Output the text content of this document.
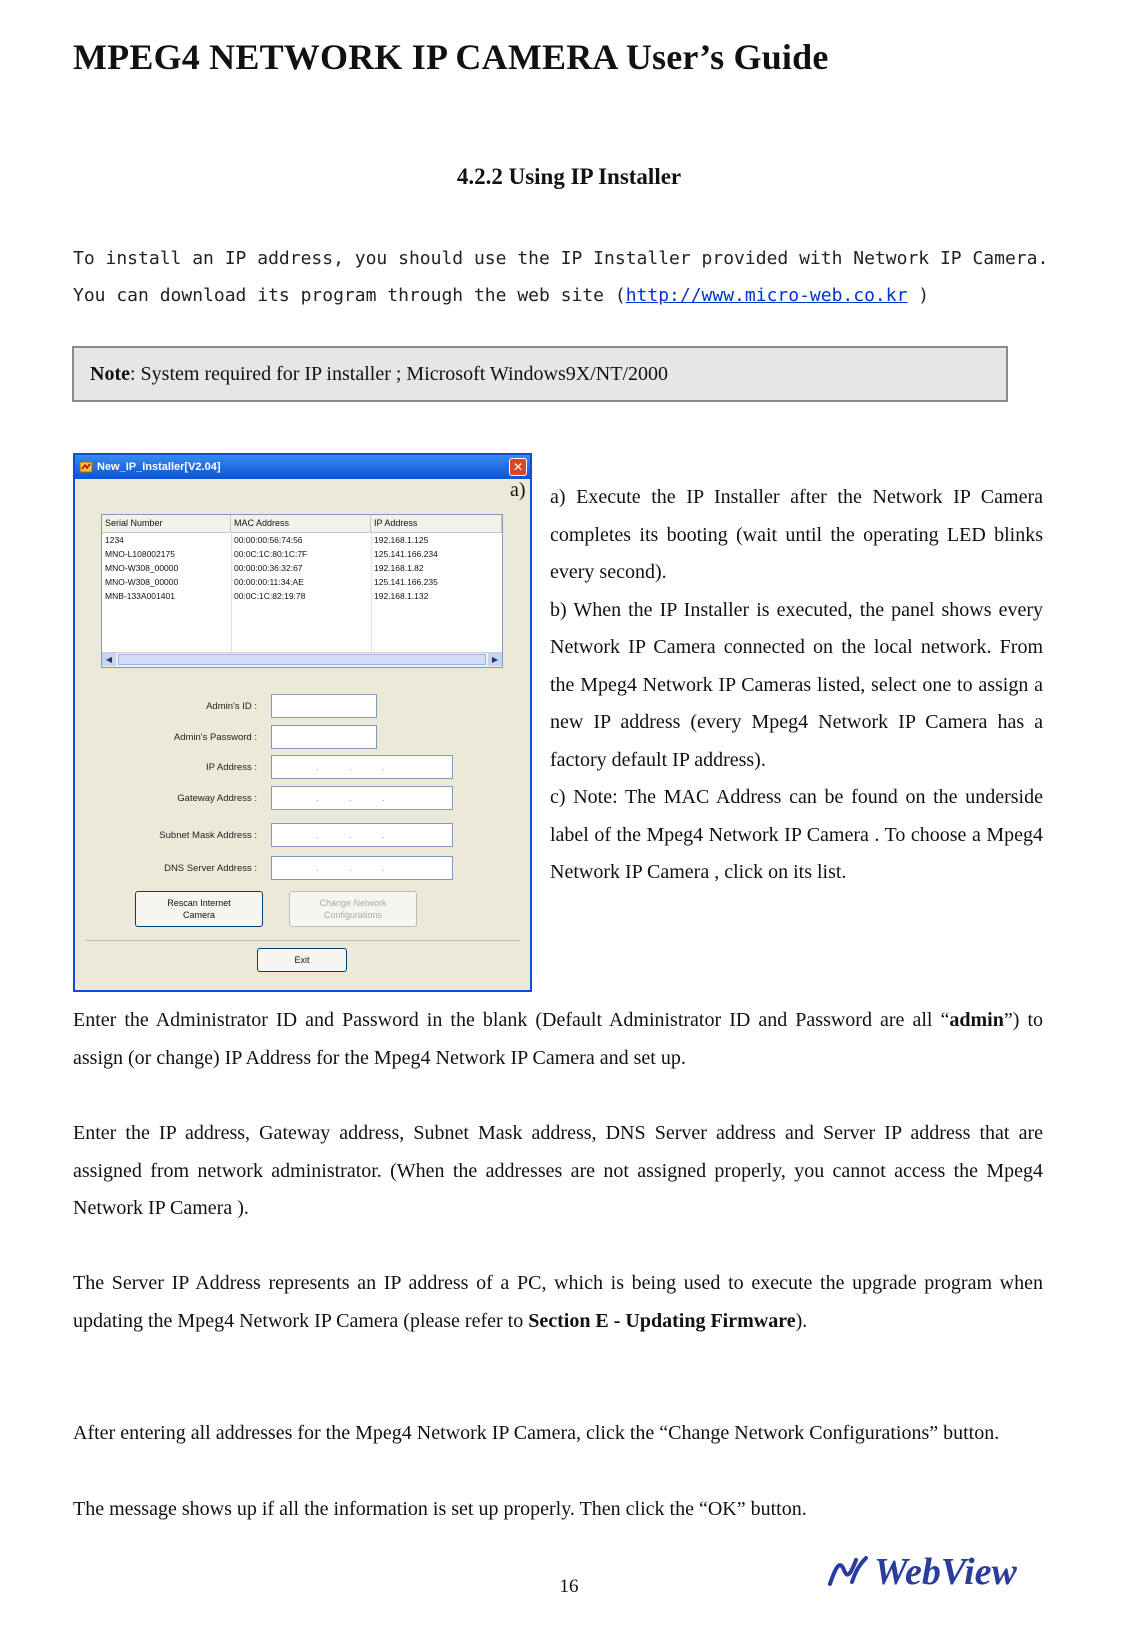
MPEG4 NETWORK IP CAMERA User’s Guide
4.2.2 Using IP Installer
To install an IP address, you should use the IP Installer provided with Network IP Camera.
You can download its program through the web site (http://www.micro-web.co.kr )
Note: System required for IP installer ; Microsoft Windows9X/NT/2000
New_IP_Installer[V2.04]	✕
Serial Number	MAC Address	IP Address
1234	00:00:00:56:74:56	192.168.1.125
MNO-L108002175	00:0C:1C:80:1C:7F	125.141.166.234
MNO-W308_00000	00:00:00:36:32:67	192.168.1.82
MNO-W308_00000	00:00:00:11:34:AE	125.141.166.235
MNB-133A001401	00:0C:1C:82:19:78	192.168.1.132
◀	▶
Admin's ID :
Admin's Password :
IP Address :	. . .
Gateway Address :	. . .
Subnet Mask Address :	. . .
DNS Server Address :	. . .
Rescan Internet
Camera
Change Network
Configurations
Exit
a) a) Execute the IP Installer after the Network IP Camera completes its booting (wait until the operating LED blinks every second).
b) When the IP Installer is executed, the panel shows every Network IP Camera connected on the local network. From the Mpeg4 Network IP Cameras listed, select one to assign a new IP address (every Mpeg4 Network IP Camera has a factory default IP address).
c) Note: The MAC Address can be found on the underside label of the Mpeg4 Network IP Camera . To choose a Mpeg4 Network IP Camera , click on its list.
Enter the Administrator ID and Password in the blank (Default Administrator ID and Password are all “admin”) to assign (or change) IP Address for the Mpeg4 Network IP Camera and set up.
Enter the IP address, Gateway address, Subnet Mask address, DNS Server address and Server IP address that are assigned from network administrator. (When the addresses are not assigned properly, you cannot access the Mpeg4 Network IP Camera ).
The Server IP Address represents an IP address of a PC, which is being used to execute the upgrade program when updating the Mpeg4 Network IP Camera (please refer to Section E - Updating Firmware).
After entering all addresses for the Mpeg4 Network IP Camera, click the “Change Network Configurations” button.
The message shows up if all the information is set up properly. Then click the “OK” button.
16	WebView
